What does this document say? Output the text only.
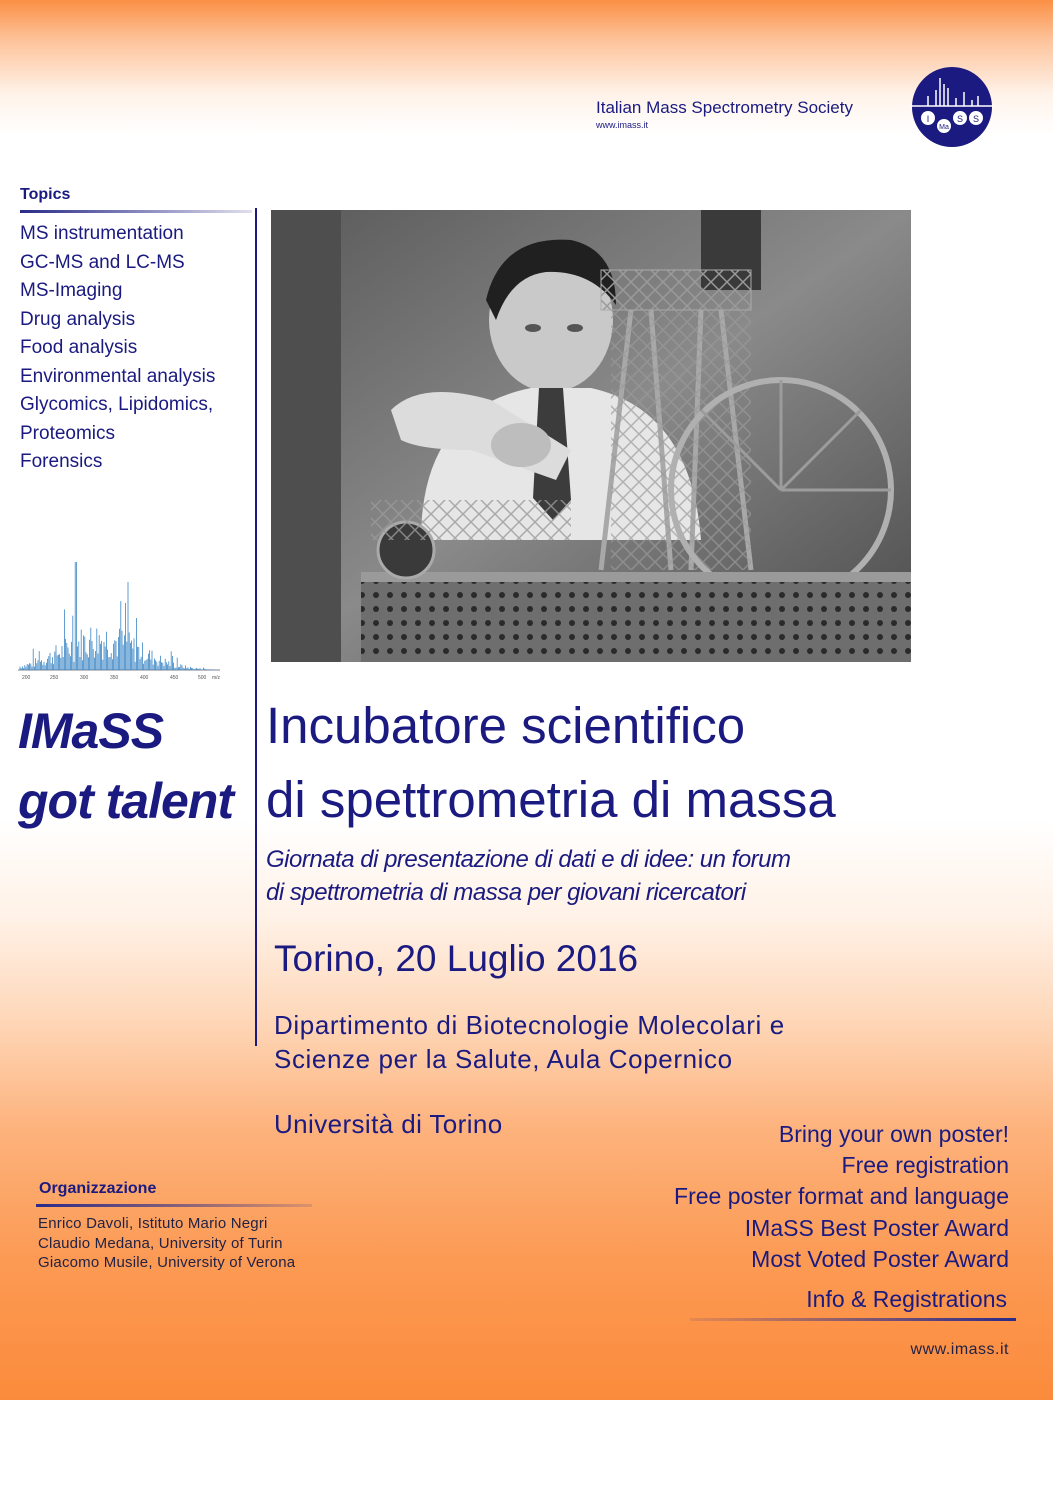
Italian Mass Spectrometry Society
www.imass.it
I
Ma
S S
Topics
MS instrumentation
GC-MS and LC-MS
MS-Imaging
Drug analysis
Food analysis
Environmental analysis
Glycomics, Lipidomics,
Proteomics
Forensics
200	250	300	350	400	450	500 m/z
IMaSS
got talent
Incubatore scientifico
di spettrometria di massa
Giornata di presentazione di dati e di idee: un forum
di spettrometria di massa per giovani ricercatori
Torino, 20 Luglio 2016
Dipartimento di Biotecnologie Molecolari e
Scienze per la Salute, Aula Copernico
Università di Torino
Organizzazione
Enrico Davoli, Istituto Mario Negri
Claudio Medana, University of Turin
Giacomo Musile, University of Verona
Bring your own poster!
Free registration
Free poster format and language
IMaSS Best Poster Award
Most Voted Poster Award
Info & Registrations
www.imass.it
